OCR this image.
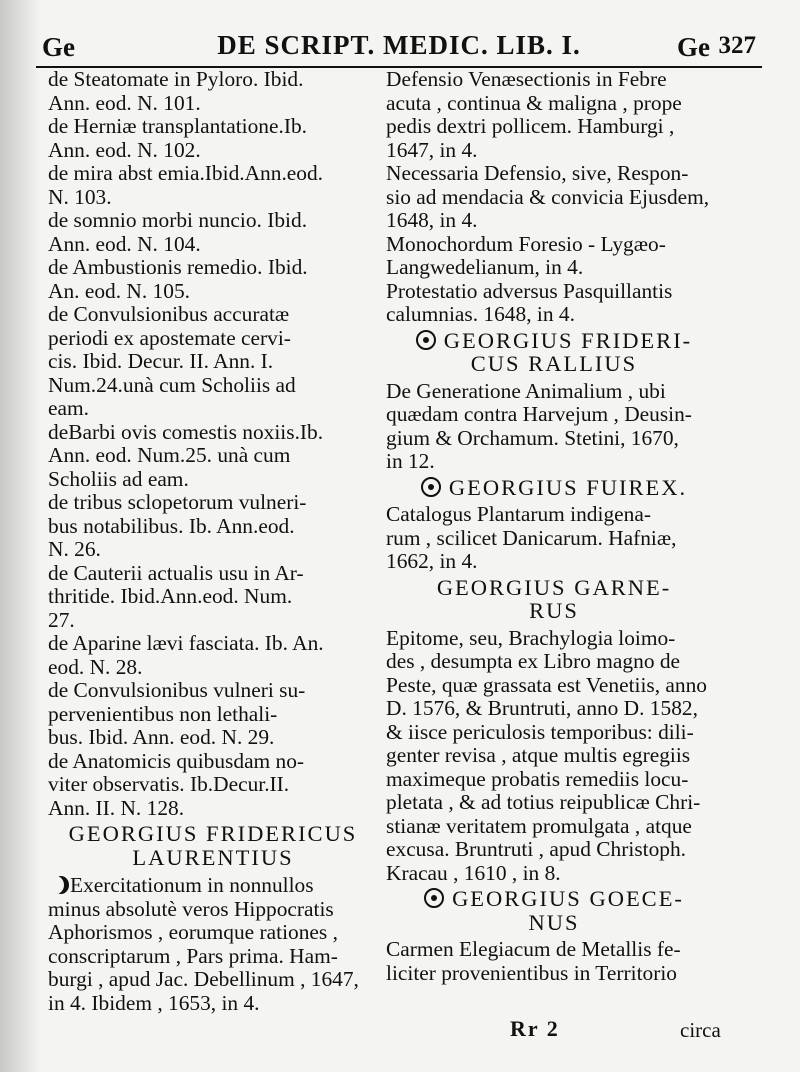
Ge	DE SCRIPT. MEDIC. LIB. I.	Ge 327
de Steatomate in Pyloro. Ibid.
Ann. eod. N. 101.
de Herniæ transplantatione.Ib.
Ann. eod. N. 102.
de mira abst emia.Ibid.Ann.eod.
N. 103.
de somnio morbi nuncio. Ibid.
Ann. eod. N. 104.
de Ambustionis remedio. Ibid.
An. eod. N. 105.
de Convulsionibus accuratæ
periodi ex apostemate cervi-
cis. Ibid. Decur. II. Ann. I.
Num.24.unà cum Scholiis ad
eam.
deBarbi ovis comestis noxiis.Ib.
Ann. eod. Num.25. unà cum
Scholiis ad eam.
de tribus sclopetorum vulneri-
bus notabilibus. Ib. Ann.eod.
N. 26.
de Cauterii actualis usu in Ar-
thritide. Ibid.Ann.eod. Num.
27.
de Aparine lævi fasciata. Ib. An.
eod. N. 28.
de Convulsionibus vulneri su-
pervenientibus non lethali-
bus. Ibid. Ann. eod. N. 29.
de Anatomicis quibusdam no-
viter observatis. Ib.Decur.II.
Ann. II. N. 128.
GEORGIUS FRIDERICUS
LAURENTIUS
Exercitationum in nonnullos
minus absolutè veros Hippocratis
Aphorismos , eorumque rationes ,
conscriptarum , Pars prima. Ham-
burgi , apud Jac. Debellinum , 1647,
in 4. Ibidem , 1653, in 4.
Defensio Venæsectionis in Febre
acuta , continua & maligna , prope
pedis dextri pollicem. Hamburgi ,
1647, in 4.
Necessaria Defensio, sive, Respon-
sio ad mendacia & convicia Ejusdem,
1648, in 4.
Monochordum Foresio - Lygæo-
Langwedelianum, in 4.
Protestatio adversus Pasquillantis
calumnias. 1648, in 4.
GEORGIUS FRIDERI-
CUS RALLIUS
De Generatione Animalium , ubi
quædam contra Harvejum , Deusin-
gium & Orchamum. Stetini, 1670,
in 12.
GEORGIUS FUIREX.
Catalogus Plantarum indigena-
rum , scilicet Danicarum. Hafniæ,
1662, in 4.
GEORGIUS GARNE-
RUS
Epitome, seu, Brachylogia loimo-
des , desumpta ex Libro magno de
Peste, quæ grassata est Venetiis, anno
D. 1576, & Bruntruti, anno D. 1582,
& iisce periculosis temporibus: dili-
genter revisa , atque multis egregiis
maximeque probatis remediis locu-
pletata , & ad totius reipublicæ Chri-
stianæ veritatem promulgata , atque
excusa. Bruntruti , apud Christoph.
Kracau , 1610 , in 8.
GEORGIUS GOECE-
NUS
Carmen Elegiacum de Metallis fe-
liciter provenientibus in Territorio
Rr 2	circa
